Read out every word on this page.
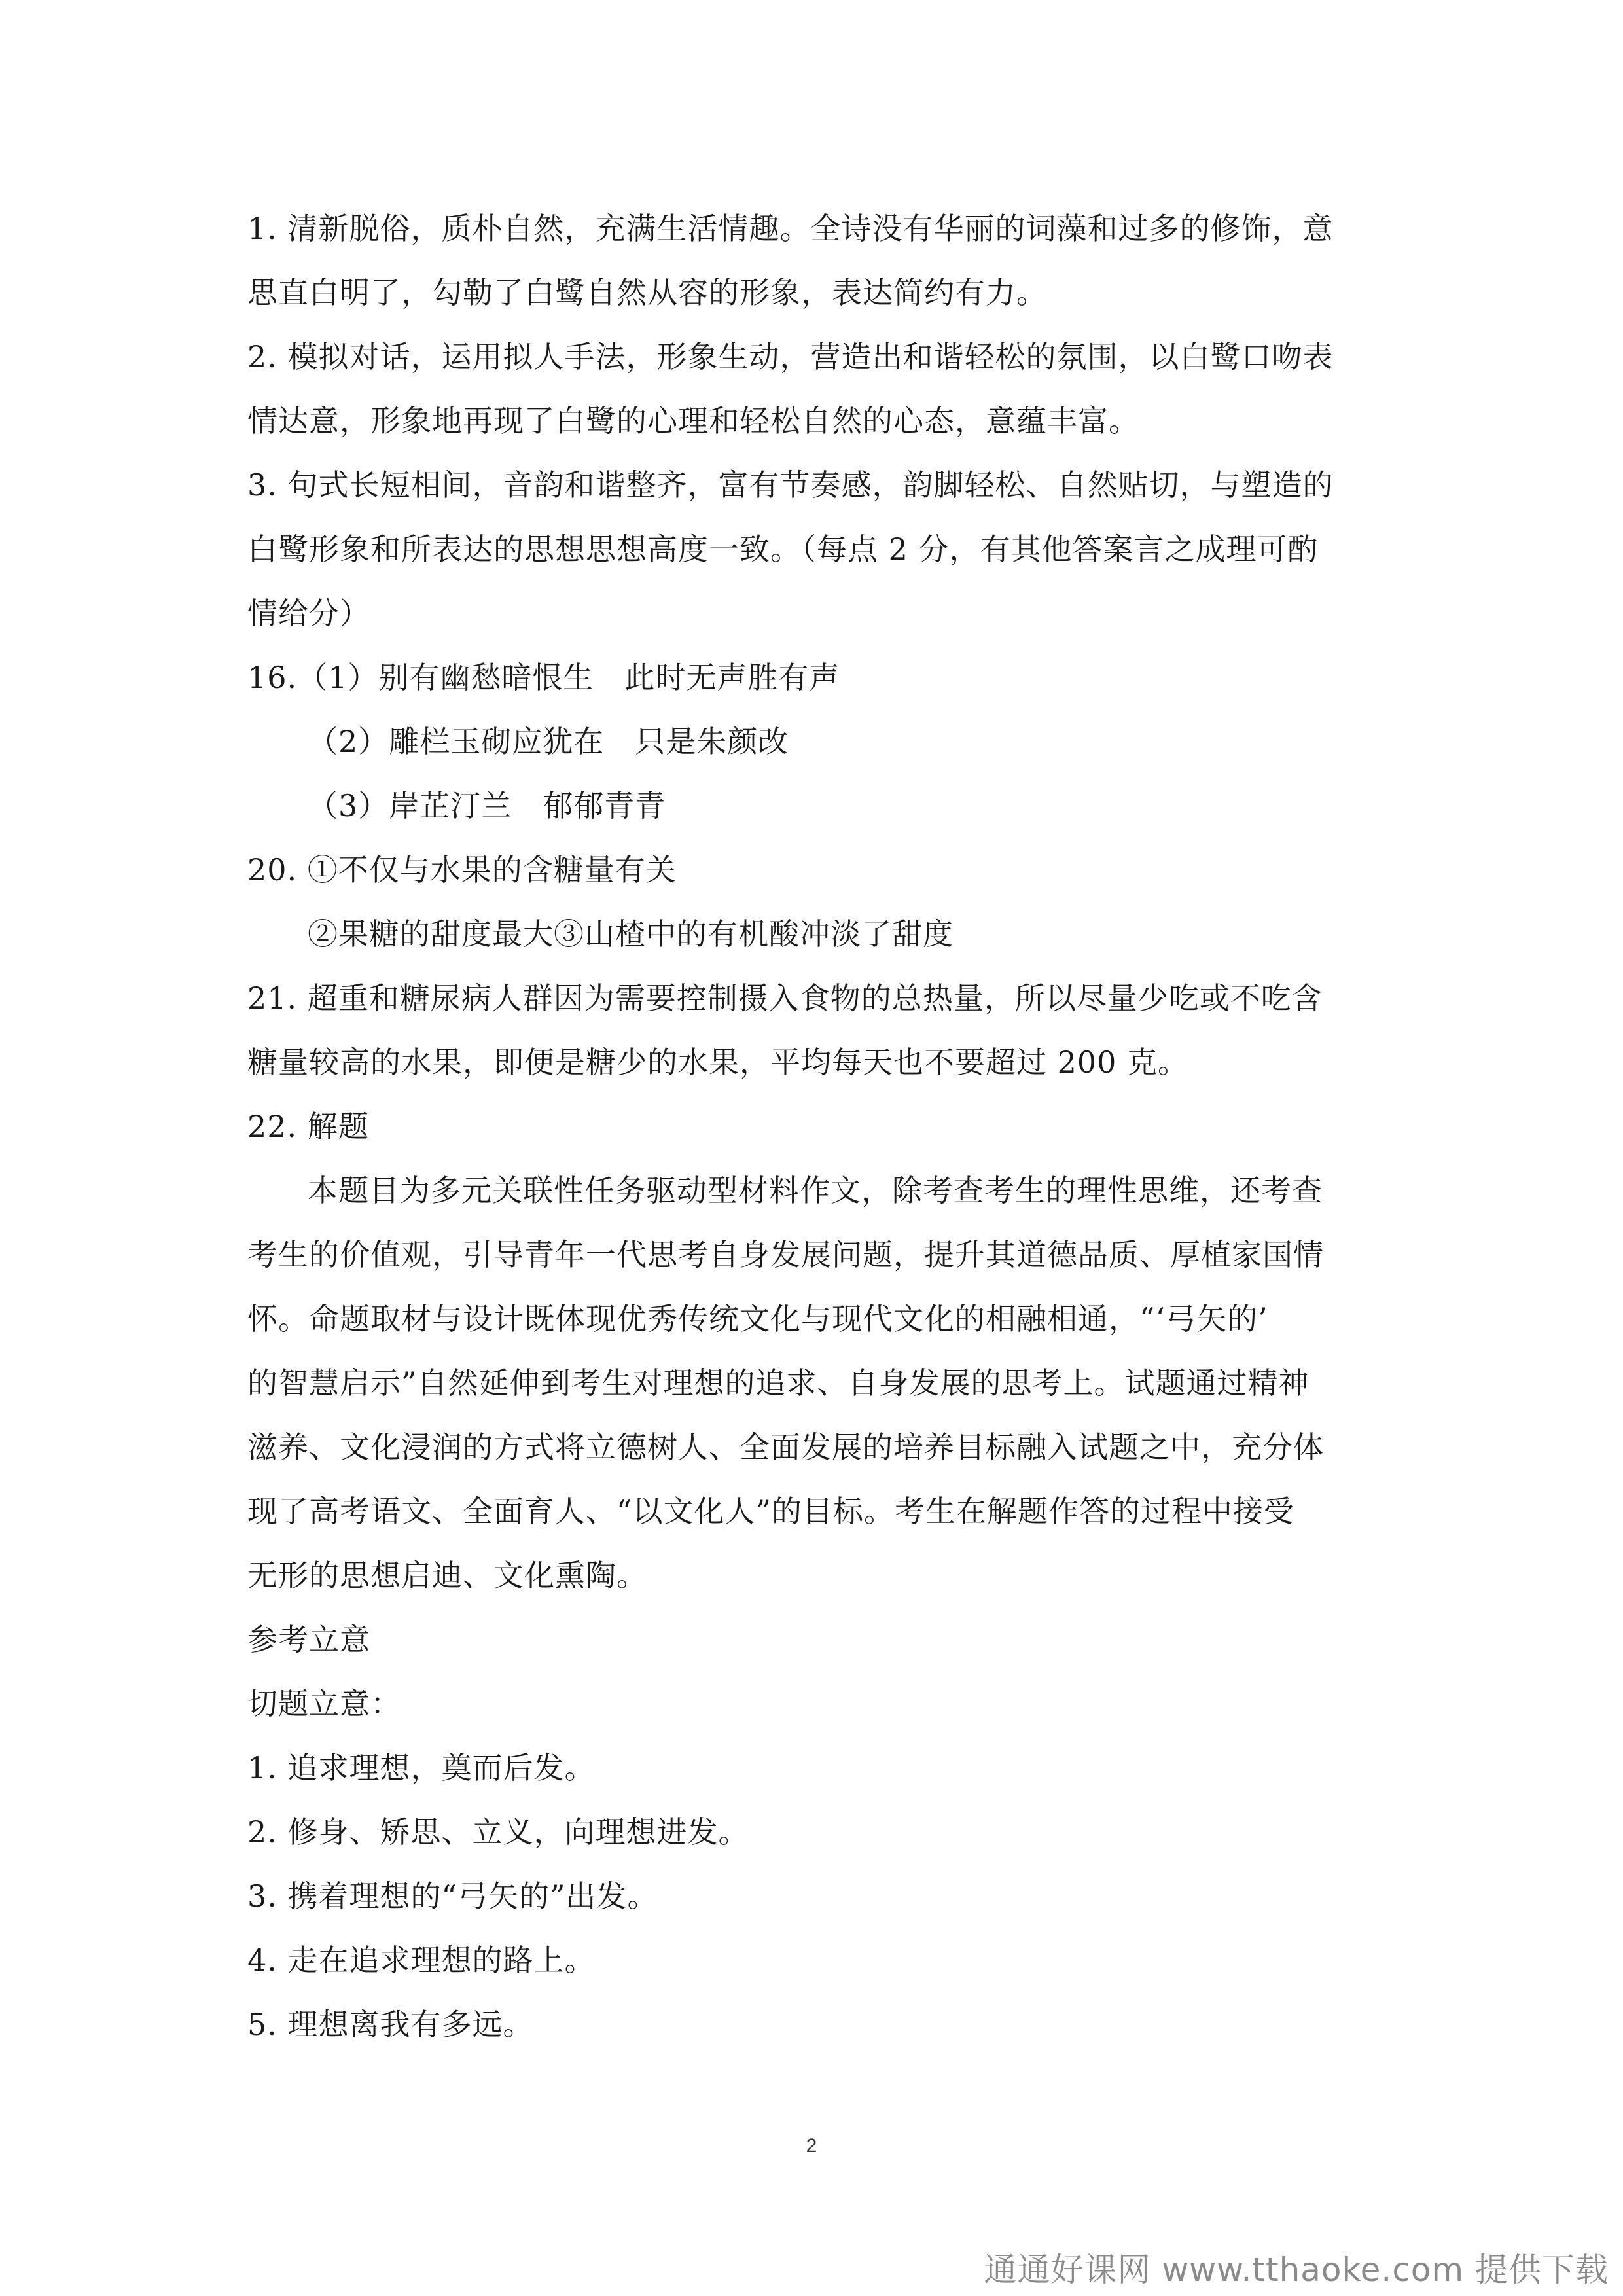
1. 清新脱俗，质朴自然，充满生活情趣。全诗没有华丽的词藻和过多的修饰，意
思直白明了，勾勒了白鹭自然从容的形象，表达简约有力。
2. 模拟对话，运用拟人手法，形象生动，营造出和谐轻松的氛围，以白鹭口吻表
情达意，形象地再现了白鹭的心理和轻松自然的心态，意蕴丰富。
3. 句式长短相间，音韵和谐整齐，富有节奏感，韵脚轻松、自然贴切，与塑造的
白鹭形象和所表达的思想思想高度一致。（每点 2 分，有其他答案言之成理可酌
情给分）
16.（1）别有幽愁暗恨生　此时无声胜有声
（2）雕栏玉砌应犹在　只是朱颜改
（3）岸芷汀兰　郁郁青青
20. ①不仅与水果的含糖量有关
②果糖的甜度最大③山楂中的有机酸冲淡了甜度
21. 超重和糖尿病人群因为需要控制摄入食物的总热量，所以尽量少吃或不吃含
糖量较高的水果，即便是糖少的水果，平均每天也不要超过 200 克。
22. 解题
本题目为多元关联性任务驱动型材料作文，除考查考生的理性思维，还考查
考生的价值观，引导青年一代思考自身发展问题，提升其道德品质、厚植家国情
怀。命题取材与设计既体现优秀传统文化与现代文化的相融相通，“‘弓矢的’
的智慧启示”自然延伸到考生对理想的追求、自身发展的思考上。试题通过精神
滋养、文化浸润的方式将立德树人、全面发展的培养目标融入试题之中，充分体
现了高考语文、全面育人、“以文化人”的目标。考生在解题作答的过程中接受
无形的思想启迪、文化熏陶。
参考立意
切题立意：
1. 追求理想，奠而后发。
2. 修身、矫思、立义，向理想进发。
3. 携着理想的“弓矢的”出发。
4. 走在追求理想的路上。
5. 理想离我有多远。
2
通通好课网 www.tthaoke.com 提供下载
